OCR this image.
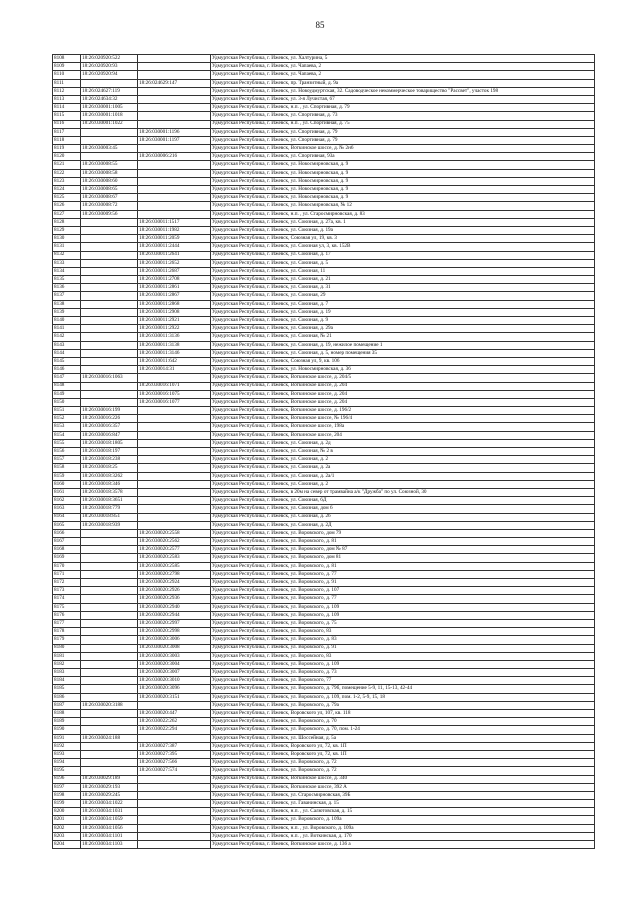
85
8108	18:26:020920:522		Удмуртская Республика, г. Ижевск, ул. Халтурина, 5
8109	18:26:020920:93		Удмуртская Республика, г. Ижевск, ул. Чапаева, 2
8110	18:26:020920:94		Удмуртская Республика, г. Ижевск, ул. Чапаева, 2
8111		18:26:024629:147	Удмуртская Республика, г. Ижевск, пр. Транзитный, д. 9а
8112	18:26:024627:119		Удмуртская Республика, г. Ижевск, ул. Новоудмуртская, 32. Садоводческое некоммерческое товарищество "Рассвет", участок 198
8113	18:26:024634:32		Удмуртская Республика, г. Ижевск, ул. 3-я Лучистая, 67
8114	18:26:030001:1005		Удмуртская Республика, г. Ижевск, н.п. , ул. Спортивная, д. 79
8115	18:26:030001:1018		Удмуртская Республика, г. Ижевск, ул. Спортивная, д. 73
8116	18:26:030001:1022		Удмуртская Республика, г. Ижевск, н.п. , ул. Спортивная, д. 75
8117		18:26:030001:1196	Удмуртская Республика, г. Ижевск, ул. Спортивная, д. 79
8118		18:26:030001:1197	Удмуртская Республика, г. Ижевск, ул. Спортивная, д. 79
8119	18:26:030003:45		Удмуртская Республика, г. Ижевск, Воткинское шоссе, д. № 2н6
8120		18:26:030006:216	Удмуртская Республика, г. Ижевск, ул. Спортивная, 93а
8121	18:26:030008:55		Удмуртская Республика, г. Ижевск, ул. Новосмирновская, д. 9
8122	18:26:030008:58		Удмуртская Республика, г. Ижевск, ул. Новосмирновская, д. 9
8123	18:26:030008:60		Удмуртская Республика, г. Ижевск, ул. Новосмирновская, д. 9
8124	18:26:030008:65		Удмуртская Республика, г. Ижевск, ул. Новосмирновская, д. 9
8125	18:26:030008:67		Удмуртская Республика, г. Ижевск, ул. Новосмирновская, д. 9
8126	18:26:030008:72		Удмуртская Республика, г. Ижевск, ул. Новосмирновская, № 12
8127	18:26:030009:56		Удмуртская Республика, г. Ижевск, н.п. , ул. Старосмирновская, д. 83
8128		18:26:030011:1517	Удмуртская Республика, г. Ижевск, ул. Союзная, д. 27а, кв. 1
8129		18:26:030011:1982	Удмуртская Республика, г. Ижевск, ул. Союзная, д. 19а
8130		18:26:030011:2059	Удмуртская Республика, г. Ижевск, Союзная ул, 19, кв. 3
8131		18:26:030011:2444	Удмуртская Республика, г. Ижевск, ул. Союзная ул, 3, кв. 152В
8132		18:26:030011:2641	Удмуртская Республика, г. Ижевск, ул. Союзная, д. 17
8133		18:26:030011:2652	Удмуртская Республика, г. Ижевск, ул. Союзная, д. 5
8134		18:26:030011:2687	Удмуртская Республика, г. Ижевск, ул. Союзная, 11
8135		18:26:030011:2708	Удмуртская Республика, г. Ижевск, ул. Союзная, д. 21
8136		18:26:030011:2861	Удмуртская Республика, г. Ижевск, ул. Союзная, д. 31
8137		18:26:030011:2867	Удмуртская Республика, г. Ижевск, ул. Союзная, 29
8138		18:26:030011:2868	Удмуртская Республика, г. Ижевск, ул. Союзная, д. 7
8139		18:26:030011:2908	Удмуртская Республика, г. Ижевск, ул. Союзная, д. 19
8140		18:26:030011:2921	Удмуртская Республика, г. Ижевск, ул. Союзная, д. 9
8141		18:26:030011:2922	Удмуртская Республика, г. Ижевск, ул. Союзная, д. 29а
8142		18:26:030011:3136	Удмуртская Республика, г. Ижевск, ул. Союзная, № 21
8143		18:26:030011:3138	Удмуртская Республика, г. Ижевск, ул. Союзная, д. 19, нежилое помещение 1
8144		18:26:030011:3146	Удмуртская Республика, г. Ижевск, ул. Союзная, д. 5, номер помещения 35
8145		18:26:030011:642	Удмуртская Республика, г. Ижевск, Союзная ул, 9, кв. 106
8146		18:26:030014:31	Удмуртская Республика, г. Ижевск, ул. Новосмирновская, д. 36
8147	18:26:030016:1063		Удмуртская Республика, г. Ижевск, Воткинское шоссе, д. 204/5
8148		18:26:030016:1071	Удмуртская Республика, г. Ижевск, Воткинское шоссе, д. 204
8149		18:26:030016:1075	Удмуртская Республика, г. Ижевск, Воткинское шоссе, д. 204
8150		18:26:030016:1077	Удмуртская Республика, г. Ижевск, Воткинское шоссе, д. 204
8151	18:26:030016:199		Удмуртская Республика, г. Ижевск, Воткинское шоссе, д. 196/2
8152	18:26:030016:226		Удмуртская Республика, г. Ижевск, Воткинское шоссе, № 196/4
8153	18:26:030016:357		Удмуртская Республика, г. Ижевск, Воткинское шоссе, 198а
8154	18:26:030016:847		Удмуртская Республика, г. Ижевск, Воткинское шоссе, 204
8155	18:26:030018:1805		Удмуртская Республика, г. Ижевск, ул. Союзная, д. 2д
8156	18:26:030018:197		Удмуртская Республика, г. Ижевск, ул. Союзная, № 2 в
8157	18:26:030018:238		Удмуртская Республика, г. Ижевск, ул. Союзная, д. 2
8158	18:26:030018:25		Удмуртская Республика, г. Ижевск, ул. Союзная, д. 2а
8159	18:26:030018:3262		Удмуртская Республика, г. Ижевск, ул. Союзная, д. 2а/1
8160	18:26:030018:346		Удмуртская Республика, г. Ижевск, ул. Союзная, д. 2
8161	18:26:030018:3578		Удмуртская Республика, г. Ижевск, в 20м на север от трамвайна а/к "Дружба" по ул. Союзной, 30
8162	18:26:030018:3651		Удмуртская Республика, г. Ижевск, ул. Союзная, 6Д
8163	18:26:030018:779		Удмуртская Республика, г. Ижевск, ул. Союзная, дом 6
8164	18:26:030018:851		Удмуртская Республика, г. Ижевск, ул. Союзная, д. 26
8165	18:26:030018:939		Удмуртская Республика, г. Ижевск, ул. Союзная, д. 2Д
8166		18:26:030020:2558	Удмуртская Республика, г. Ижевск, ул. Воровского, дом 79
8167		18:26:030020:2562	Удмуртская Республика, г. Ижевск, ул. Воровского, д. 81
8168		18:26:030020:2577	Удмуртская Республика, г. Ижевск, ул. Воровского, дом № 87
8169		18:26:030020:2583	Удмуртская Республика, г. Ижевск, ул. Воровского, дом 81
8170		18:26:030020:2585	Удмуртская Республика, г. Ижевск, ул. Воровского, д. 81
8171		18:26:030020:2798	Удмуртская Республика, г. Ижевск, ул. Воровского, д. 77
8172		18:26:030020:2924	Удмуртская Республика, г. Ижевск, ул. Воровского, д. 91
8173		18:26:030020:2926	Удмуртская Республика, г. Ижевск, ул. Воровского, д. 107
8174		18:26:030020:2936	Удмуртская Республика, г. Ижевск, ул. Воровского, д. 77
8175		18:26:030020:2940	Удмуртская Республика, г. Ижевск, ул. Воровского, д. 109
8176		18:26:030020:2944	Удмуртская Республика, г. Ижевск, ул. Воровского, д. 109
8177		18:26:030020:2997	Удмуртская Республика, г. Ижевск, ул. Воровского, д. 75
8178		18:26:030020:2998	Удмуртская Республика, г. Ижевск, ул. Воровского, 83
8179		18:26:030020:3006	Удмуртская Республика, г. Ижевск, ул. Воровского, д. 83
8180		18:26:030020:3008	Удмуртская Республика, г. Ижевск, ул. Воровского, д. 91
8181		18:26:030020:3003	Удмуртская Республика, г. Ижевск, ул. Воровского, 83
8182		18:26:030020:3004	Удмуртская Республика, г. Ижевск, ул. Воровского, д. 109
8183		18:26:030020:3007	Удмуртская Республика, г. Ижевск, ул. Воровского, д. 73
8184		18:26:030020:3010	Удмуртская Республика, г. Ижевск, ул. Воровского, 77
8185		18:26:030020:3096	Удмуртская Республика, г. Ижевск, ул. Воровского, д. 79б, помещение 5-9, 11, 15-13, 42-44
8186		18:26:030020:3151	Удмуртская Республика, г. Ижевск, ул. Воровского, д. 109, пом. 1-2, 5-9, 15, 18
8187	18:26:030020:3188		Удмуртская Республика, г. Ижевск, ул. Воровского, д. 79а
8188		18:26:030020:447	Удмуртская Республика, г. Ижевск, Воровского ул, 107, кв. 118
8189		18:26:030022:262	Удмуртская Республика, г. Ижевск, ул. Воровского, д. 70
8190		18:26:030022:294	Удмуртская Республика, г. Ижевск, ул. Воровского, д. 70, пом. 1-24
8191	18:26:030024:188		Удмуртская Республика, г. Ижевск, ул. Шоссейная, д. 5а
8192		18:26:030027:387	Удмуртская Республика, г. Ижевск, Воровского ул, 72, кв. 1П
8193		18:26:030027:395	Удмуртская Республика, г. Ижевск, Воровского ул, 72, кв. 1П
8194		18:26:030027:566	Удмуртская Республика, г. Ижевск, ул. Воровского, д. 72
8195		18:26:030027:574	Удмуртская Республика, г. Ижевск, ул. Воровского, д. 72
8196	18:26:030029:189		Удмуртская Республика, г. Ижевск, Воткинское шоссе, д. 340
8197	18:26:030029:193		Удмуртская Республика, г. Ижевск, Воткинское шоссе, 392 А
8198	18:26:030029:245		Удмуртская Республика, г. Ижевск, ул. Старосмирновская, 39Б
8199	18:26:030034:1022		Удмуртская Республика, г. Ижевск, ул. Гаванинская, д. 15
8200	18:26:030034:1031		Удмуртская Республика, г. Ижевск, н.п. , ул. Салютовская, д. 15
8201	18:26:030034:1059		Удмуртская Республика, г. Ижевск, ул. Воровского, д. 109а
8202	18:26:030034:1056		Удмуртская Республика, г. Ижевск, н.п. , ул. Воровского, д. 109а
8203	18:26:030034:1101		Удмуртская Республика, г. Ижевск, н.п. , ул. Воткинская, д. 170
8204	18:26:030034:1103		Удмуртская Республика, г. Ижевск, Воткинское шоссе, д. 136 а
